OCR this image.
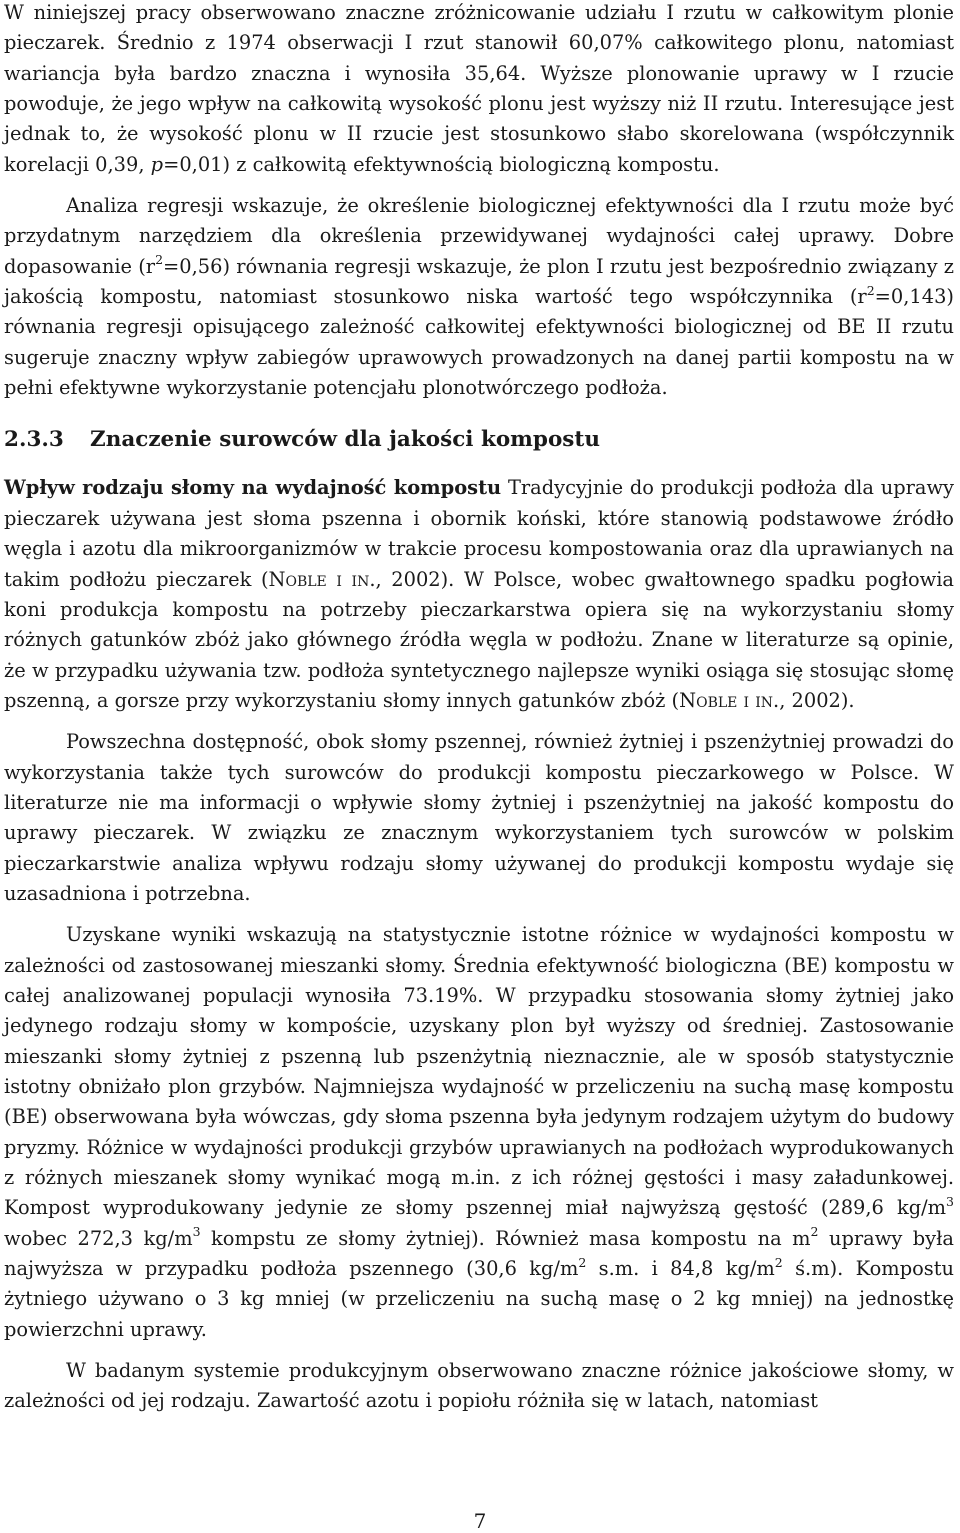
W niniejszej pracy obserwowano znaczne zróżnicowanie udziału I rzutu w całkowitym plonie pieczarek. Średnio z 1974 obserwacji I rzut stanowił 60,07% całkowitego plonu, natomiast wariancja była bardzo znaczna i wynosiła 35,64. Wyższe plonowanie uprawy w I rzucie powoduje, że jego wpływ na całkowitą wysokość plonu jest wyższy niż II rzutu. Interesujące jest jednak to, że wysokość plonu w II rzucie jest stosunkowo słabo skorelowana (współczynnik korelacji 0,39, p=0,01) z całkowitą efektywnością biologiczną kompostu.

Analiza regresji wskazuje, że określenie biologicznej efektywności dla I rzutu może być przydatnym narzędziem dla określenia przewidywanej wydajności całej uprawy. Dobre dopasowanie $(r^2=0,56)$ równania regresji wskazuje, że plon I rzutu jest bezpośrednio związany z jakością kompostu, natomiast stosunkowo niska wartość tego współczynnika $(r^2=0,143)$ równania regresji opisującego zależność całkowitej efektywności biologicznej od BE II rzutu sugeruje znaczny wpływ zabiegów uprawowych prowadzonych na danej partii kompostu na w pełni efektywne wykorzystanie potencjału plonotwórczego podłoża.

2.3.3	Znaczenie surowców dla jakości kompostu

Wpływ rodzaju słomy na wydajność kompostu Tradycyjnie do produkcji podłoża dla uprawy pieczarek używana jest słoma pszenna i obornik koński, które stanowią podstawowe źródło węgla i azotu dla mikroorganizmów w trakcie procesu kompostowania oraz dla uprawianych na takim podłożu pieczarek (Noble i in., 2002). W Polsce, wobec gwałtownego spadku pogłowia koni produkcja kompostu na potrzeby pieczarkarstwa opiera się na wykorzystaniu słomy różnych gatunków zbóż jako głównego źródła węgla w podłożu. Znane w literaturze są opinie, że w przypadku używania tzw. podłoża syntetycznego najlepsze wyniki osiąga się stosując słomę pszenną, a gorsze przy wykorzystaniu słomy innych gatunków zbóż (Noble i in., 2002).

Powszechna dostępność, obok słomy pszennej, również żytniej i pszenżytniej prowadzi do wykorzystania także tych surowców do produkcji kompostu pieczarkowego w Polsce. W literaturze nie ma informacji o wpływie słomy żytniej i pszenżytniej na jakość kompostu do uprawy pieczarek. W związku ze znacznym wykorzystaniem tych surowców w polskim pieczarkarstwie analiza wpływu rodzaju słomy używanej do produkcji kompostu wydaje się uzasadniona i potrzebna.

Uzyskane wyniki wskazują na statystycznie istotne różnice w wydajności kompostu w zależności od zastosowanej mieszanki słomy. Średnia efektywność biologiczna (BE) kompostu w całej analizowanej populacji wynosiła 73.19%. W przypadku stosowania słomy żytniej jako jedynego rodzaju słomy w kompoście, uzyskany plon był wyższy od średniej. Zastosowanie mieszanki słomy żytniej z pszenną lub pszenżytnią nieznacznie, ale w sposób statystycznie istotny obniżało plon grzybów. Najmniejsza wydajność w przeliczeniu na suchą masę kompostu (BE) obserwowana była wówczas, gdy słoma pszenna była jedynym rodzajem użytym do budowy pryzmy. Różnice w wydajności produkcji grzybów uprawianych na podłożach wyprodukowanych z różnych mieszanek słomy wynikać mogą m.in. z ich różnej gęstości i masy załadunkowej. Kompost wyprodukowany jedynie ze słomy pszennej miał najwyższą gęstość (289,6 $kg/m^3$ wobec 272,3 $kg/m^3$ kompstu ze słomy żytniej). Również masa kompostu na $m^2$ uprawy była najwyższa w przypadku podłoża pszennego (30,6 $kg/m^2$ s.m. i 84,8 $kg/m^2$ ś.m). Kompostu żytniego używano o 3 kg mniej (w przeliczeniu na suchą masę o 2 kg mniej) na jednostkę powierzchni uprawy.

W badanym systemie produkcyjnym obserwowano znaczne różnice jakościowe słomy, w zależności od jej rodzaju. Zawartość azotu i popiołu różniła się w latach, natomiast

7
